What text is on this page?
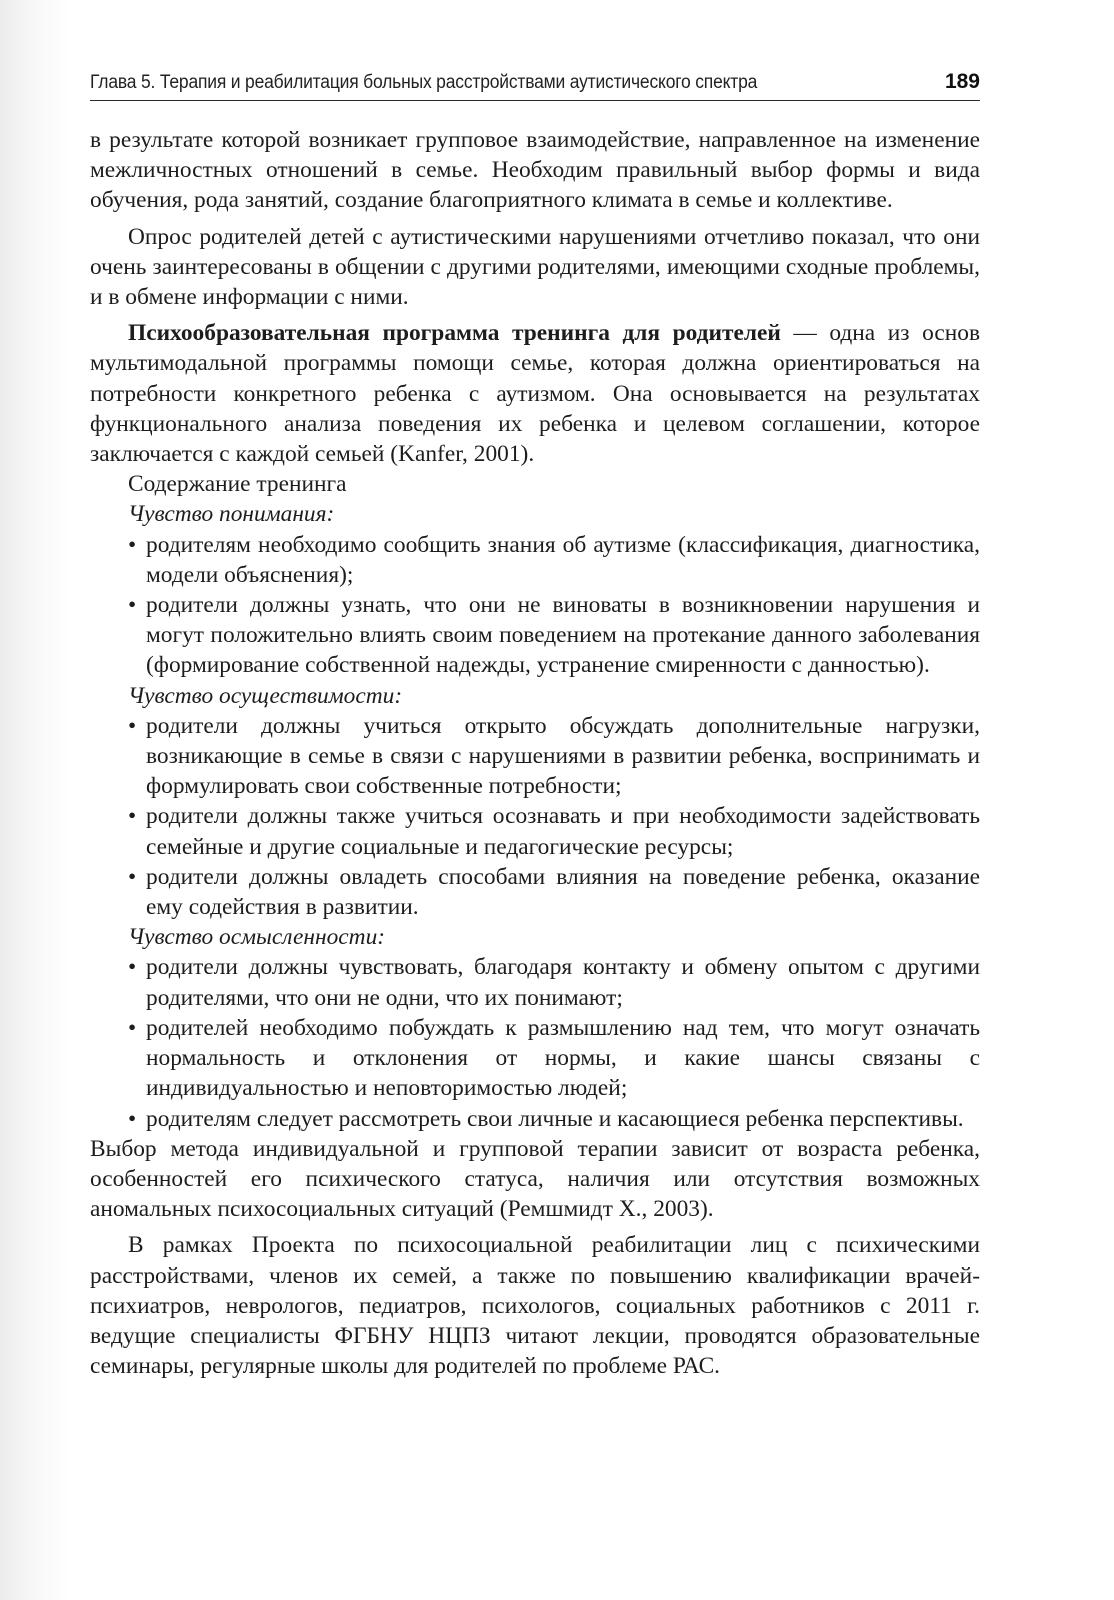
Глава 5. Терапия и реабилитация больных расстройствами аутистического спектра	189

в результате которой возникает групповое взаимодействие, направленное на изменение межличностных отношений в семье. Необходим правильный выбор формы и вида обучения, рода занятий, создание благоприятного климата в семье и коллективе.

Опрос родителей детей с аутистическими нарушениями отчетливо показал, что они очень заинтересованы в общении с другими родителями, имеющими сходные проблемы, и в обмене информации с ними.

Психообразовательная программа тренинга для родителей — одна из основ мультимодальной программы помощи семье, которая должна ориентироваться на потребности конкретного ребенка с аутизмом. Она основывается на результатах функционального анализа поведения их ребенка и целевом соглашении, которое заключается с каждой семьей (Kanfer, 2001).

Содержание тренинга

Чувство понимания:

• родителям необходимо сообщить знания об аутизме (классификация, диагностика, модели объяснения);

• родители должны узнать, что они не виноваты в возникновении нарушения и могут положительно влиять своим поведением на протекание данного заболевания (формирование собственной надежды, устранение смиренности с данностью).

Чувство осуществимости:

• родители должны учиться открыто обсуждать дополнительные нагрузки, возникающие в семье в связи с нарушениями в развитии ребенка, воспринимать и формулировать свои собственные потребности;

• родители должны также учиться осознавать и при необходимости задействовать семейные и другие социальные и педагогические ресурсы;

• родители должны овладеть способами влияния на поведение ребенка, оказание ему содействия в развитии.

Чувство осмысленности:

• родители должны чувствовать, благодаря контакту и обмену опытом с другими родителями, что они не одни, что их понимают;

• родителей необходимо побуждать к размышлению над тем, что могут означать нормальность и отклонения от нормы, и какие шансы связаны с индивидуальностью и неповторимостью людей;

• родителям следует рассмотреть свои личные и касающиеся ребенка перспективы.

Выбор метода индивидуальной и групповой терапии зависит от возраста ребенка, особенностей его психического статуса, наличия или отсутствия возможных аномальных психосоциальных ситуаций (Ремшмидт Х., 2003).

В рамках Проекта по психосоциальной реабилитации лиц с психическими расстройствами, членов их семей, а также по повышению квалификации врачей-психиатров, неврологов, педиатров, психологов, социальных работников с 2011 г. ведущие специалисты ФГБНУ НЦПЗ читают лекции, проводятся образовательные семинары, регулярные школы для родителей по проблеме РАС.
